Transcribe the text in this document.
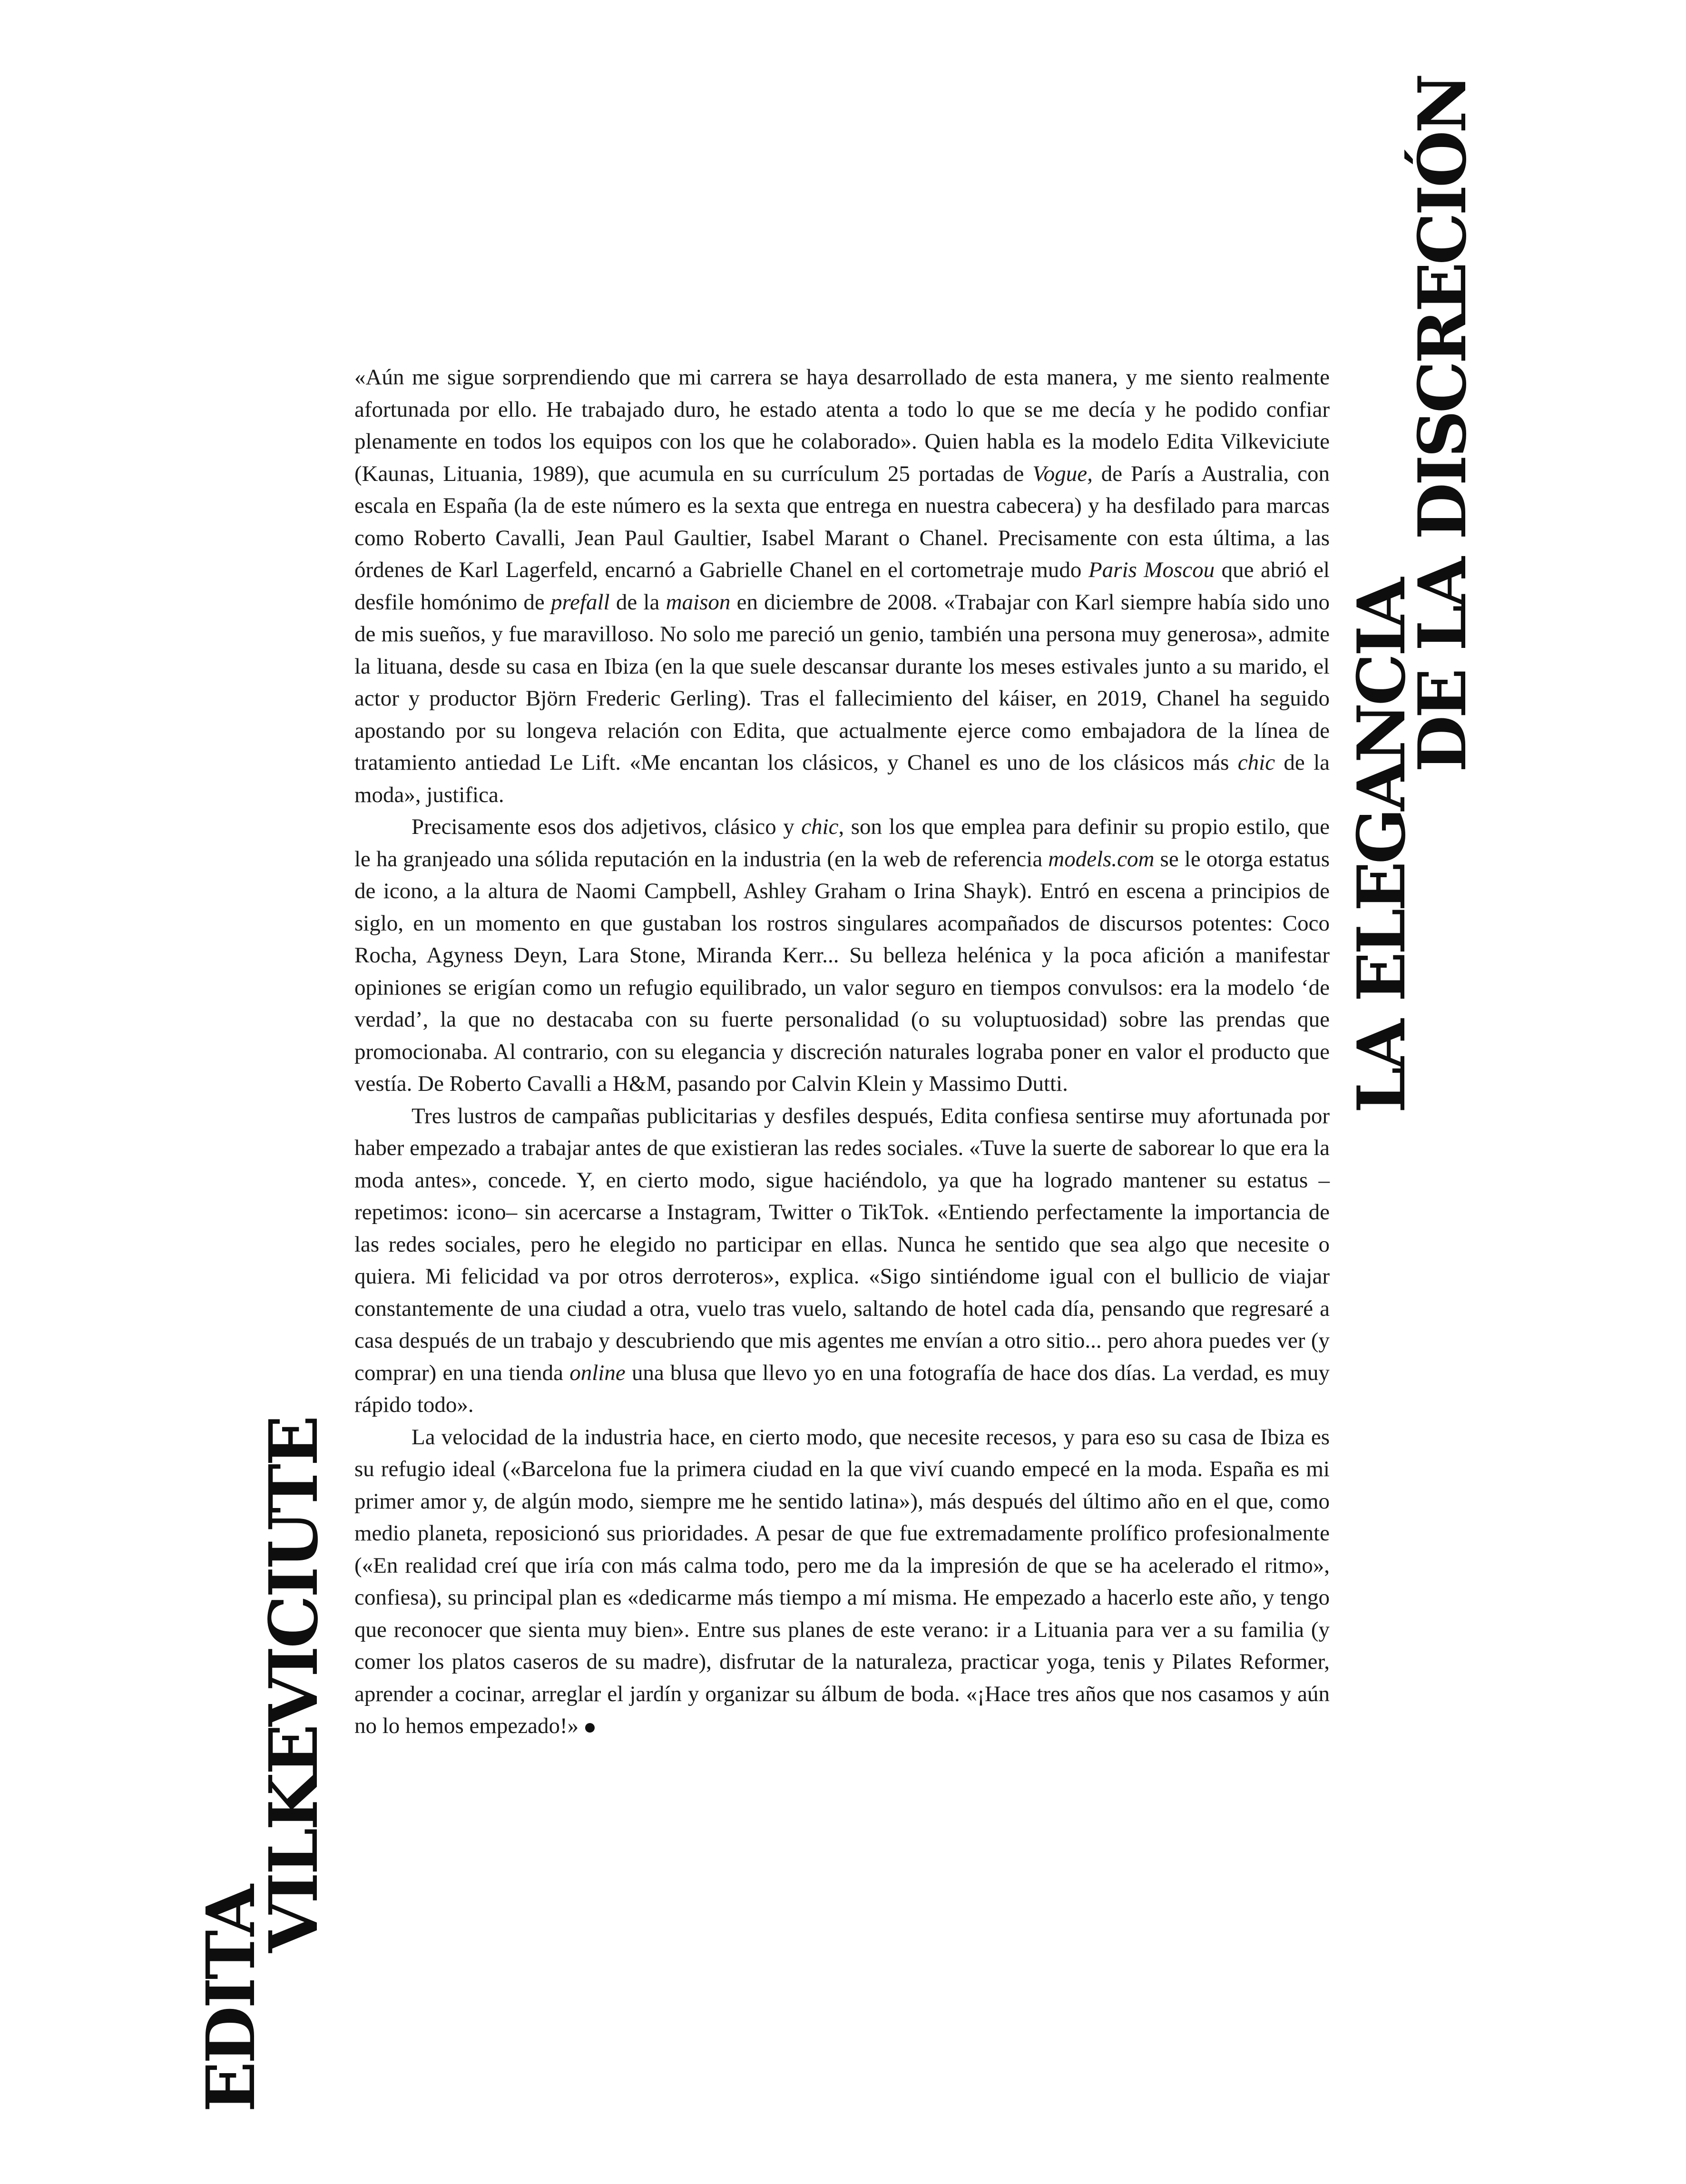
LA ELEGANCIA
DE LA DISCRECIÓN
EDITA
VILKEVICIUTE

«Aún me sigue sorprendiendo que mi carrera se haya desarrollado de esta manera, y me siento realmente afortunada por ello. He trabajado duro, he estado atenta a todo lo que se me decía y he podido confiar plenamente en todos los equipos con los que he colaborado». Quien habla es la modelo Edita Vilkeviciute (Kaunas, Lituania, 1989), que acumula en su currículum 25 portadas de Vogue, de París a Australia, con escala en España (la de este número es la sexta que entrega en nuestra cabecera) y ha desfilado para marcas como Roberto Cavalli, Jean Paul Gaultier, Isabel Marant o Chanel. Precisamente con esta última, a las órdenes de Karl Lagerfeld, encarnó a Gabrielle Chanel en el cortometraje mudo Paris Moscou que abrió el desfile homónimo de prefall de la maison en diciembre de 2008. «Trabajar con Karl siempre había sido uno de mis sueños, y fue maravilloso. No solo me pareció un genio, también una persona muy generosa», admite la lituana, desde su casa en Ibiza (en la que suele descansar durante los meses estivales junto a su marido, el actor y productor Björn Frederic Gerling). Tras el fallecimiento del káiser, en 2019, Chanel ha seguido apostando por su longeva relación con Edita, que actualmente ejerce como embajadora de la línea de tratamiento antiedad Le Lift. «Me encantan los clásicos, y Chanel es uno de los clásicos más chic de la moda», justifica.

Precisamente esos dos adjetivos, clásico y chic, son los que emplea para definir su propio estilo, que le ha granjeado una sólida reputación en la industria (en la web de referencia models.com se le otorga estatus de icono, a la altura de Naomi Campbell, Ashley Graham o Irina Shayk). Entró en escena a principios de siglo, en un momento en que gustaban los rostros singulares acompañados de discursos potentes: Coco Rocha, Agyness Deyn, Lara Stone, Miranda Kerr... Su belleza helénica y la poca afición a manifestar opiniones se erigían como un refugio equilibrado, un valor seguro en tiempos convulsos: era la modelo ‘de verdad’, la que no destacaba con su fuerte personalidad (o su voluptuosidad) sobre las prendas que promocionaba. Al contrario, con su elegancia y discreción naturales lograba poner en valor el producto que vestía. De Roberto Cavalli a H&M, pasando por Calvin Klein y Massimo Dutti.

Tres lustros de campañas publicitarias y desfiles después, Edita confiesa sentirse muy afortunada por haber empezado a trabajar antes de que existieran las redes sociales. «Tuve la suerte de saborear lo que era la moda antes», concede. Y, en cierto modo, sigue haciéndolo, ya que ha logrado mantener su estatus –repetimos: icono– sin acercarse a Instagram, Twitter o TikTok. «Entiendo perfectamente la importancia de las redes sociales, pero he elegido no participar en ellas. Nunca he sentido que sea algo que necesite o quiera. Mi felicidad va por otros derroteros», explica. «Sigo sintiéndome igual con el bullicio de viajar constantemente de una ciudad a otra, vuelo tras vuelo, saltando de hotel cada día, pensando que regresaré a casa después de un trabajo y descubriendo que mis agentes me envían a otro sitio... pero ahora puedes ver (y comprar) en una tienda online una blusa que llevo yo en una fotografía de hace dos días. La verdad, es muy rápido todo».

La velocidad de la industria hace, en cierto modo, que necesite recesos, y para eso su casa de Ibiza es su refugio ideal («Barcelona fue la primera ciudad en la que viví cuando empecé en la moda. España es mi primer amor y, de algún modo, siempre me he sentido latina»), más después del último año en el que, como medio planeta, reposicionó sus prioridades. A pesar de que fue extremadamente prolífico profesionalmente («En realidad creí que iría con más calma todo, pero me da la impresión de que se ha acelerado el ritmo», confiesa), su principal plan es «dedicarme más tiempo a mí misma. He empezado a hacerlo este año, y tengo que reconocer que sienta muy bien». Entre sus planes de este verano: ir a Lituania para ver a su familia (y comer los platos caseros de su madre), disfrutar de la naturaleza, practicar yoga, tenis y Pilates Reformer, aprender a cocinar, arreglar el jardín y organizar su álbum de boda. «¡Hace tres años que nos casamos y aún no lo hemos empezado!»
